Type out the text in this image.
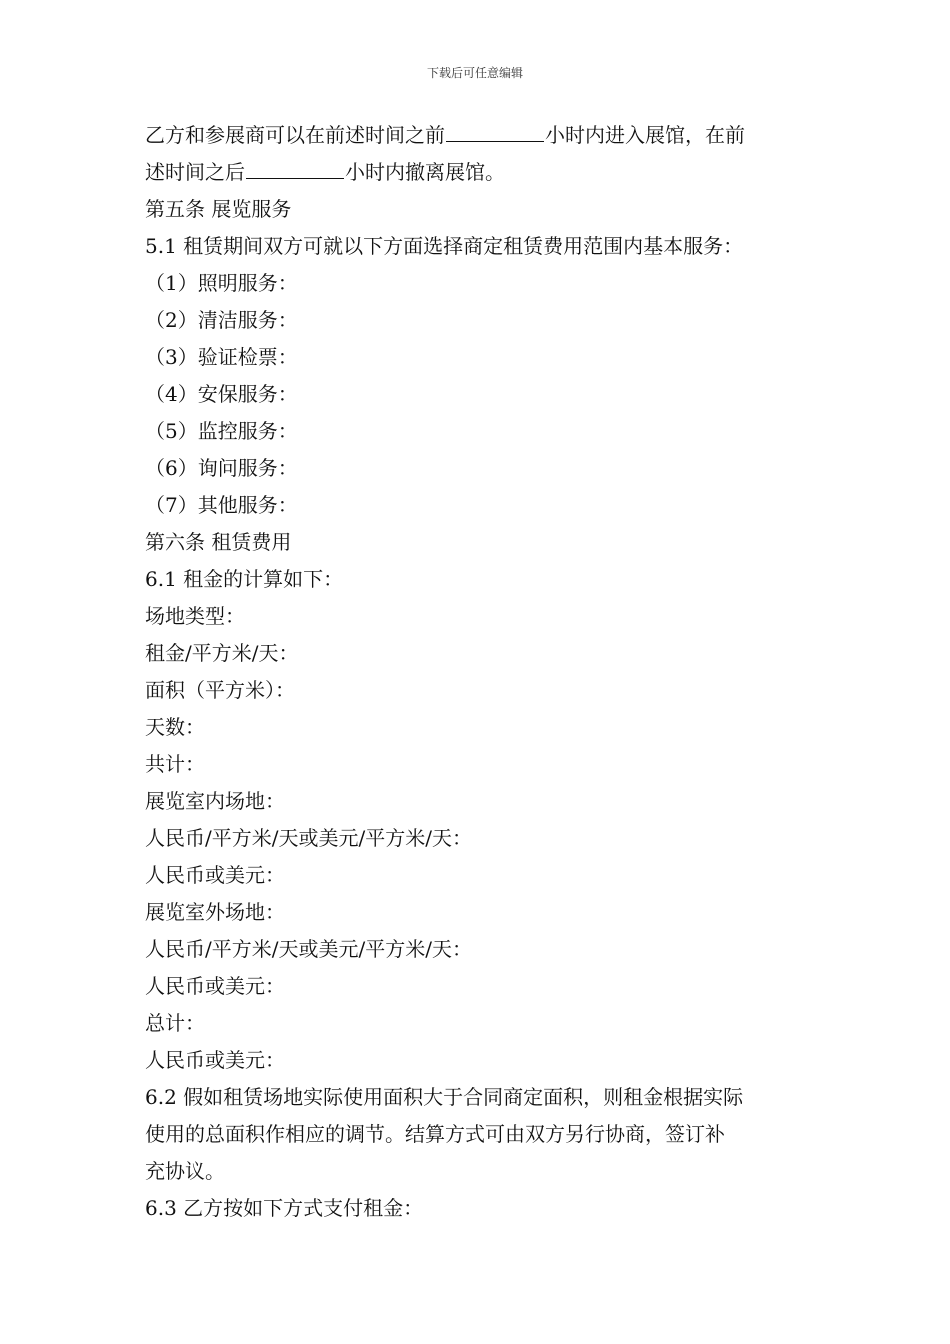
下载后可任意编辑
乙方和参展商可以在前述时间之前	小时内进入展馆，在前
述时间之后	小时内撤离展馆。
第五条 展览服务
5.1 租赁期间双方可就以下方面选择商定租赁费用范围内基本服务：
（1）照明服务：
（2）清洁服务：
（3）验证检票：
（4）安保服务：
（5）监控服务：
（6）询问服务：
（7）其他服务：
第六条 租赁费用
6.1 租金的计算如下：
场地类型：
租金/平方米/天：
面积（平方米）：
天数：
共计：
展览室内场地：
人民币/平方米/天或美元/平方米/天：
人民币或美元：
展览室外场地：
人民币/平方米/天或美元/平方米/天：
人民币或美元：
总计：
人民币或美元：
6.2 假如租赁场地实际使用面积大于合同商定面积，则租金根据实际
使用的总面积作相应的调节。结算方式可由双方另行协商，签订补
充协议。
6.3 乙方按如下方式支付租金：
